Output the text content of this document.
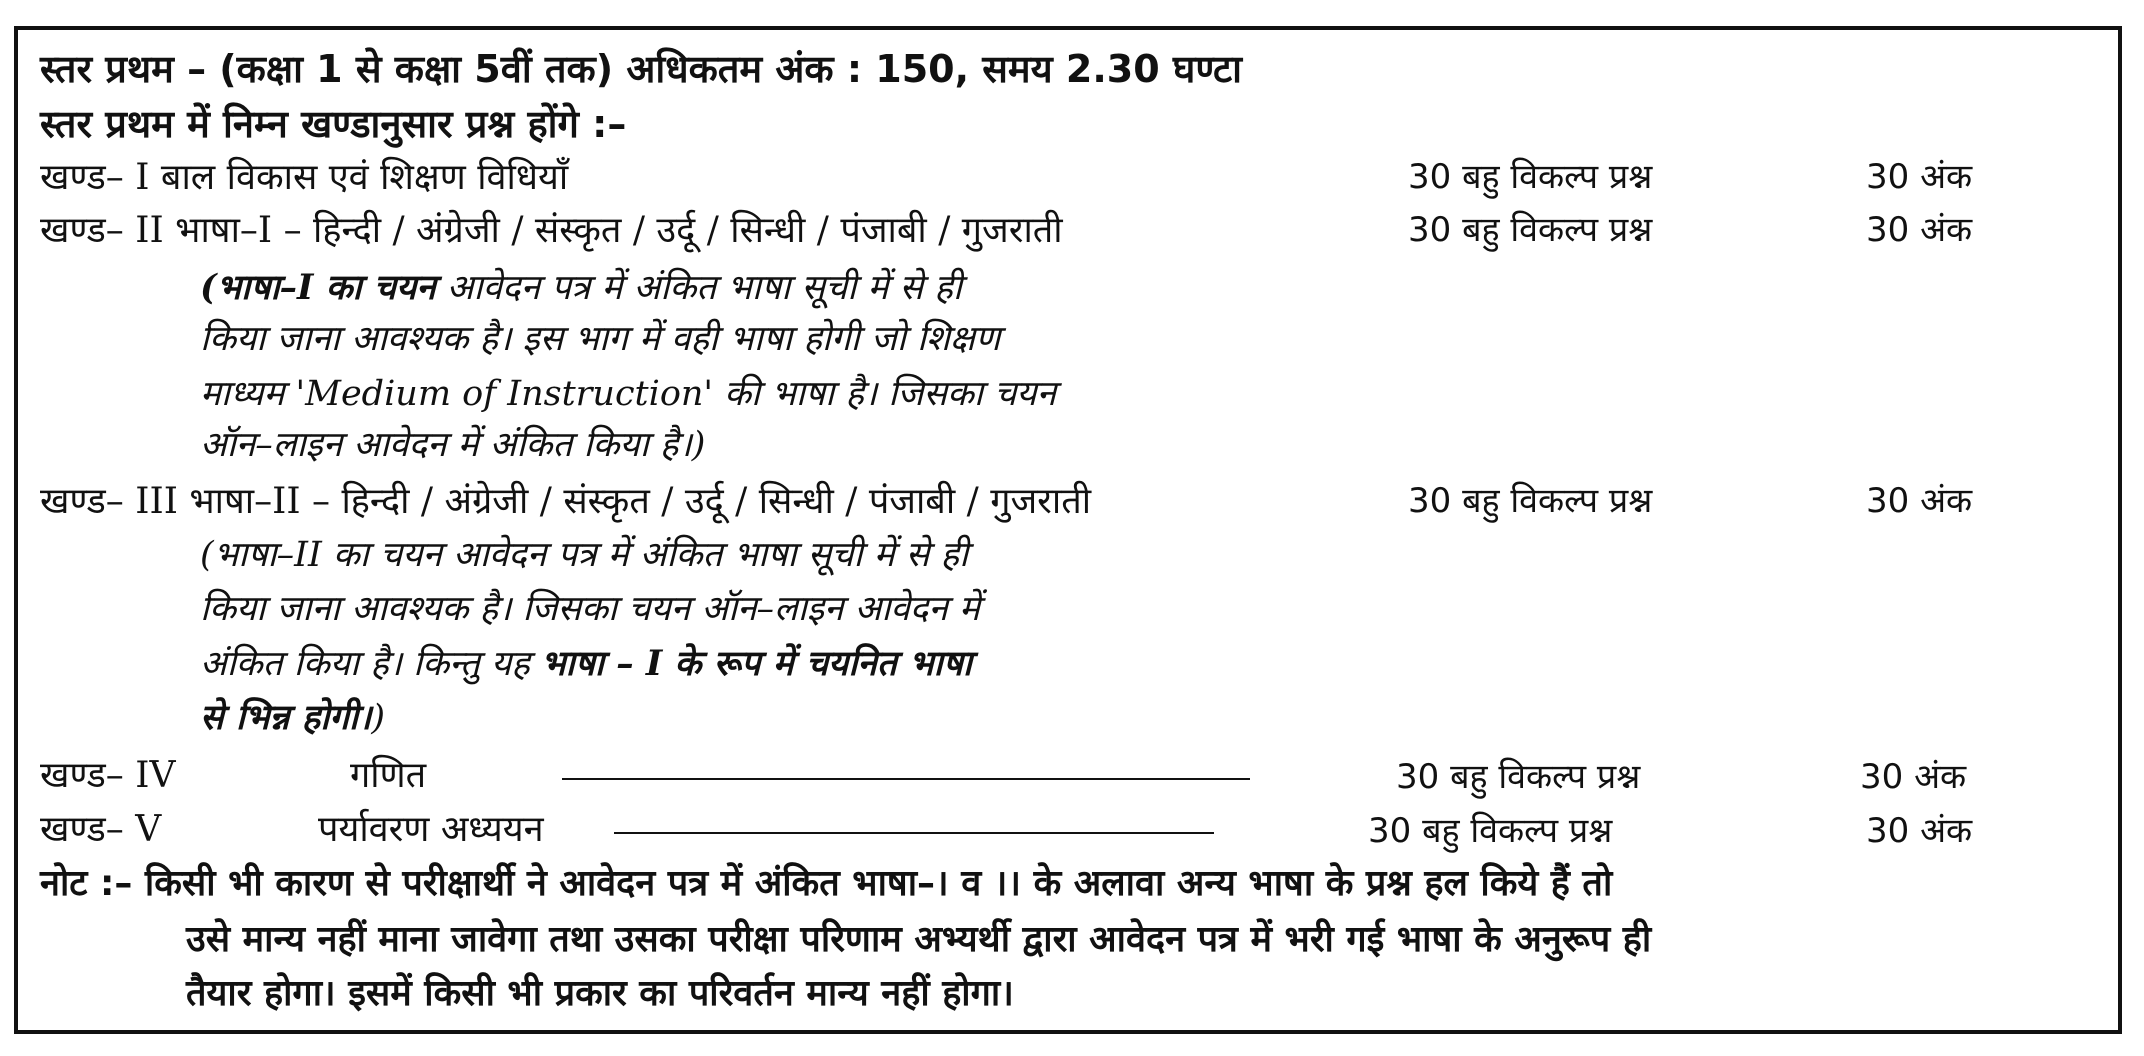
स्तर प्रथम – (कक्षा 1 से कक्षा 5वीं तक) अधिकतम अंक : 150, समय 2.30 घण्टा
स्तर प्रथम में निम्न खण्डानुसार प्रश्न होंगे :–
खण्ड– I बाल विकास एवं शिक्षण विधियाँ	30 बहु विकल्प प्रश्न	30 अंक
खण्ड– II भाषा–I – हिन्दी / अंग्रेजी / संस्कृत / उर्दू / सिन्धी / पंजाबी / गुजराती	30 बहु विकल्प प्रश्न	30 अंक
(भाषा–I का चयन आवेदन पत्र में अंकित भाषा सूची में से ही
किया जाना आवश्यक है। इस भाग में वही भाषा होगी जो शिक्षण
माध्यम 'Medium of Instruction' की भाषा है। जिसका चयन
ऑन–लाइन आवेदन में अंकित किया है।)
खण्ड– III भाषा–II – हिन्दी / अंग्रेजी / संस्कृत / उर्दू / सिन्धी / पंजाबी / गुजराती	30 बहु विकल्प प्रश्न	30 अंक
(भाषा–II का चयन आवेदन पत्र में अंकित भाषा सूची में से ही
किया जाना आवश्यक है। जिसका चयन ऑन–लाइन आवेदन में
अंकित किया है। किन्तु यह भाषा – I के रूप में चयनित भाषा
से भिन्न होगी।)
खण्ड– IV	गणित	30 बहु विकल्प प्रश्न	30 अंक
खण्ड– V	पर्यावरण अध्ययन	30 बहु विकल्प प्रश्न	30 अंक
नोट :– किसी भी कारण से परीक्षार्थी ने आवेदन पत्र में अंकित भाषा–। व ।। के अलावा अन्य भाषा के प्रश्न हल किये हैं तो
उसे मान्य नहीं माना जावेगा तथा उसका परीक्षा परिणाम अभ्यर्थी द्वारा आवेदन पत्र में भरी गई भाषा के अनुरूप ही
तैयार होगा। इसमें किसी भी प्रकार का परिवर्तन मान्य नहीं होगा।
